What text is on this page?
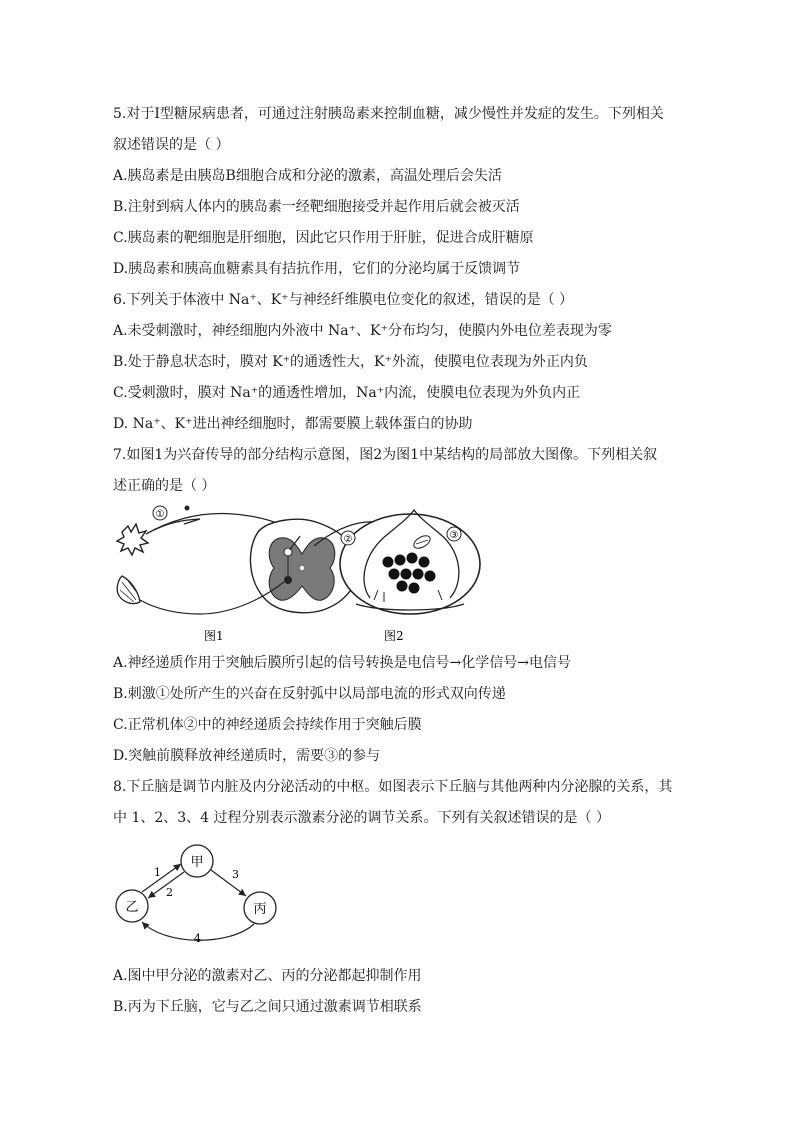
5.对于Ⅰ型糖尿病患者，可通过注射胰岛素来控制血糖，减少慢性并发症的发生。下列相关
叙述错误的是（ ）
A.胰岛素是由胰岛B细胞合成和分泌的激素，高温处理后会失活
B.注射到病人体内的胰岛素一经靶细胞接受并起作用后就会被灭活
C.胰岛素的靶细胞是肝细胞，因此它只作用于肝脏，促进合成肝糖原
D.胰岛素和胰高血糖素具有拮抗作用，它们的分泌均属于反馈调节
6.下列关于体液中 Na⁺、K⁺与神经纤维膜电位变化的叙述，错误的是（ ）
A.未受刺激时，神经细胞内外液中 Na⁺、K⁺分布均匀，使膜内外电位差表现为零
B.处于静息状态时，膜对 K⁺的通透性大，K⁺外流，使膜电位表现为外正内负
C.受刺激时，膜对 Na⁺的通透性增加，Na⁺内流，使膜电位表现为外负内正
D. Na⁺、K⁺进出神经细胞时，都需要膜上载体蛋白的协助
7.如图1为兴奋传导的部分结构示意图，图2为图1中某结构的局部放大图像。下列相关叙
述正确的是（ ）
①
②	③
图1	图2
A.神经递质作用于突触后膜所引起的信号转换是电信号→化学信号→电信号
B.刺激①处所产生的兴奋在反射弧中以局部电流的形式双向传递
C.正常机体②中的神经递质会持续作用于突触后膜
D.突触前膜释放神经递质时，需要③的参与
8.下丘脑是调节内脏及内分泌活动的中枢。如图表示下丘脑与其他两种内分泌腺的关系，其
中 1、2、3、4 过程分别表示激素分泌的调节关系。下列有关叙述错误的是（ ）
甲
乙	丙
1
2
3
4
A.图中甲分泌的激素对乙、丙的分泌都起抑制作用
B.丙为下丘脑，它与乙之间只通过激素调节相联系
